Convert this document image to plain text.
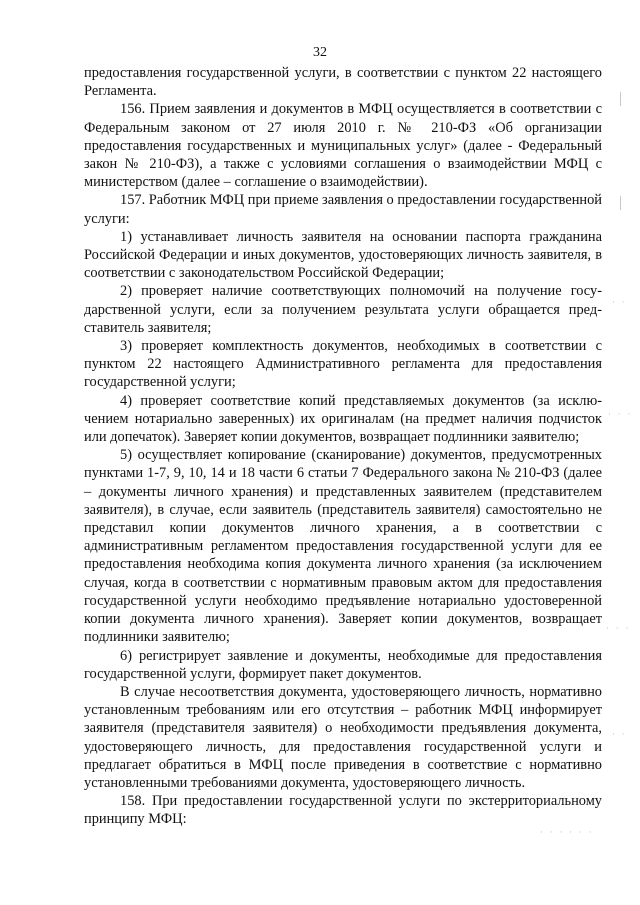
32

предоставления государственной услуги, в соответствии с пунктом 22 настоящего Регламента.

156. Прием заявления и документов в МФЦ осуществляется в соответствии с Федеральным законом от 27 июля 2010 г. № 210-ФЗ «Об организации предоставления государственных и муниципальных услуг» (далее - Федеральный закон № 210-ФЗ), а также с условиями соглашения о взаимодействии МФЦ с министерством (далее – соглашение о взаимодействии).

157. Работник МФЦ при приеме заявления о предоставлении государственной услуги:

1) устанавливает личность заявителя на основании паспорта гражданина Российской Федерации и иных документов, удостоверяющих личность заявителя, в соответствии с законодательством Российской Федерации;

2) проверяет наличие соответствующих полномочий на получение государственной услуги, если за получением результата услуги обращается представитель заявителя;

3) проверяет комплектность документов, необходимых в соответствии с пунктом 22 настоящего Административного регламента для предоставления государственной услуги;

4) проверяет соответствие копий представляемых документов (за исключением нотариально заверенных) их оригиналам (на предмет наличия подчисток или допечаток). Заверяет копии документов, возвращает подлинники заявителю;

5) осуществляет копирование (сканирование) документов, предусмотренных пунктами 1-7, 9, 10, 14 и 18 части 6 статьи 7 Федерального закона № 210-ФЗ (далее – документы личного хранения) и представленных заявителем (представителем заявителя), в случае, если заявитель (представитель заявителя) самостоятельно не представил копии документов личного хранения, а в соответствии с административным регламентом предоставления государственной услуги для ее предоставления необходима копия документа личного хранения (за исключением случая, когда в соответствии с нормативным правовым актом для предоставления государственной услуги необходимо предъявление нотариально удостоверенной копии документа личного хранения). Заверяет копии документов, возвращает подлинники заявителю;

6) регистрирует заявление и документы, необходимые для предоставления государственной услуги, формирует пакет документов.

В случае несоответствия документа, удостоверяющего личность, нормативно установленным требованиям или его отсутствия – работник МФЦ информирует заявителя (представителя заявителя) о необходимости предъявления документа, удостоверяющего личность, для предоставления государственной услуги и предлагает обратиться в МФЦ после приведения в соответствие с нормативно установленными требованиями документа, удостоверяющего личность.

158. При предоставлении государственной услуги по экстерриториальному принципу МФЦ:

· ·
· · ·
· · ·
· ·
· · · · · ·
